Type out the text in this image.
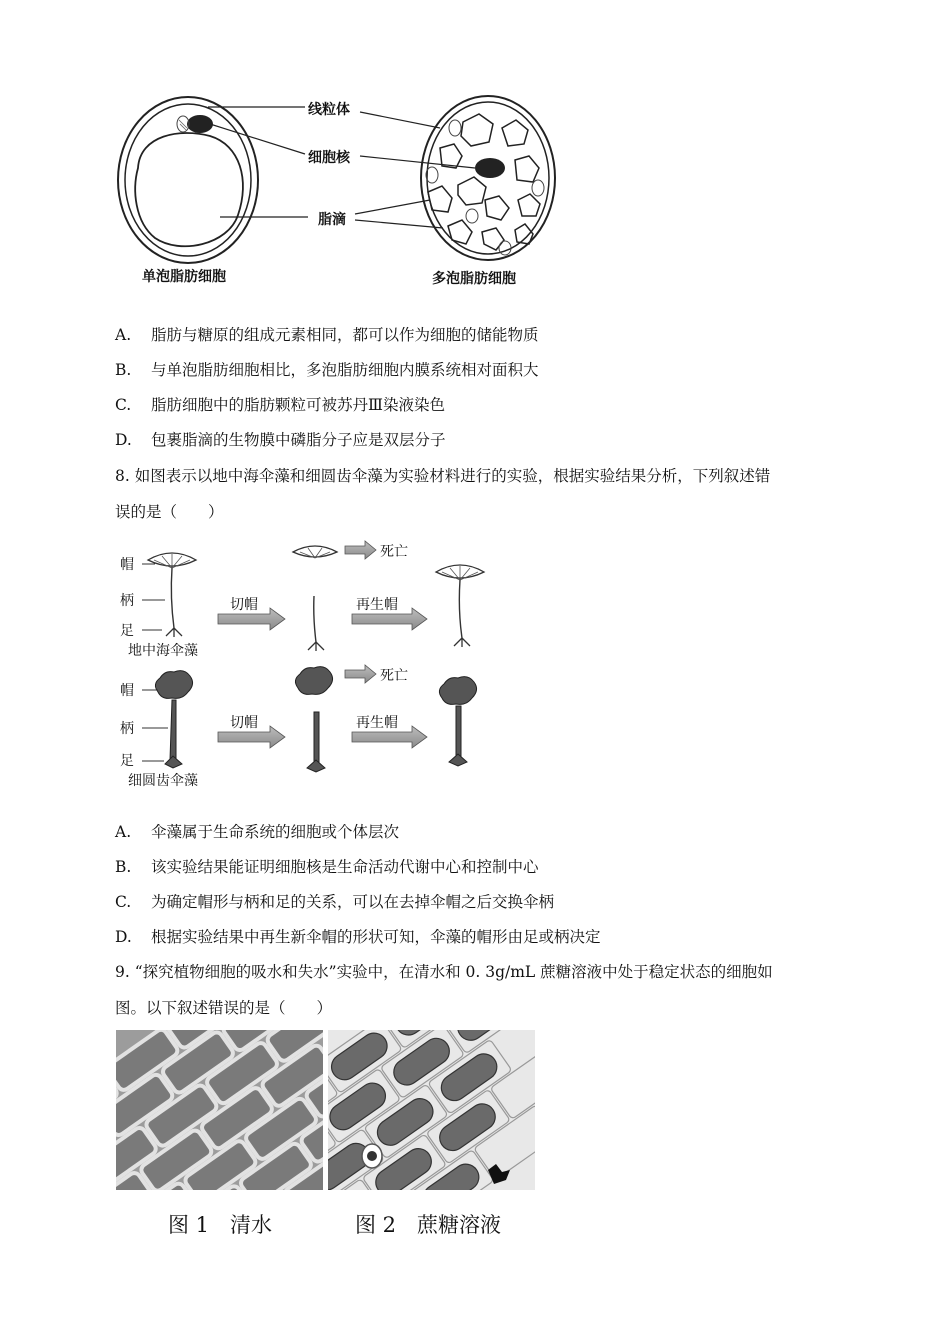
线粒体
细胞核
脂滴
单泡脂肪细胞	多泡脂肪细胞
A. 脂肪与糖原的组成元素相同，都可以作为细胞的储能物质
B. 与单泡脂肪细胞相比，多泡脂肪细胞内膜系统相对面积大
C. 脂肪细胞中的脂肪颗粒可被苏丹Ⅲ染液染色
D. 包裹脂滴的生物膜中磷脂分子应是双层分子
8. 如图表示以地中海伞藻和细圆齿伞藻为实验材料进行的实验，根据实验结果分析，下列叙述错
误的是（　　）
帽
柄
足
地中海伞藻
切帽
死亡
再生帽
帽
柄
足
细圆齿伞藻
切帽
死亡
再生帽
A. 伞藻属于生命系统的细胞或个体层次
B. 该实验结果能证明细胞核是生命活动代谢中心和控制中心
C. 为确定帽形与柄和足的关系，可以在去掉伞帽之后交换伞柄
D. 根据实验结果中再生新伞帽的形状可知，伞藻的帽形由足或柄决定
9. “探究植物细胞的吸水和失水”实验中，在清水和 0. 3g/mL 蔗糖溶液中处于稳定状态的细胞如
图。以下叙述错误的是（　　）
图 1　清水	图 2　蔗糖溶液
